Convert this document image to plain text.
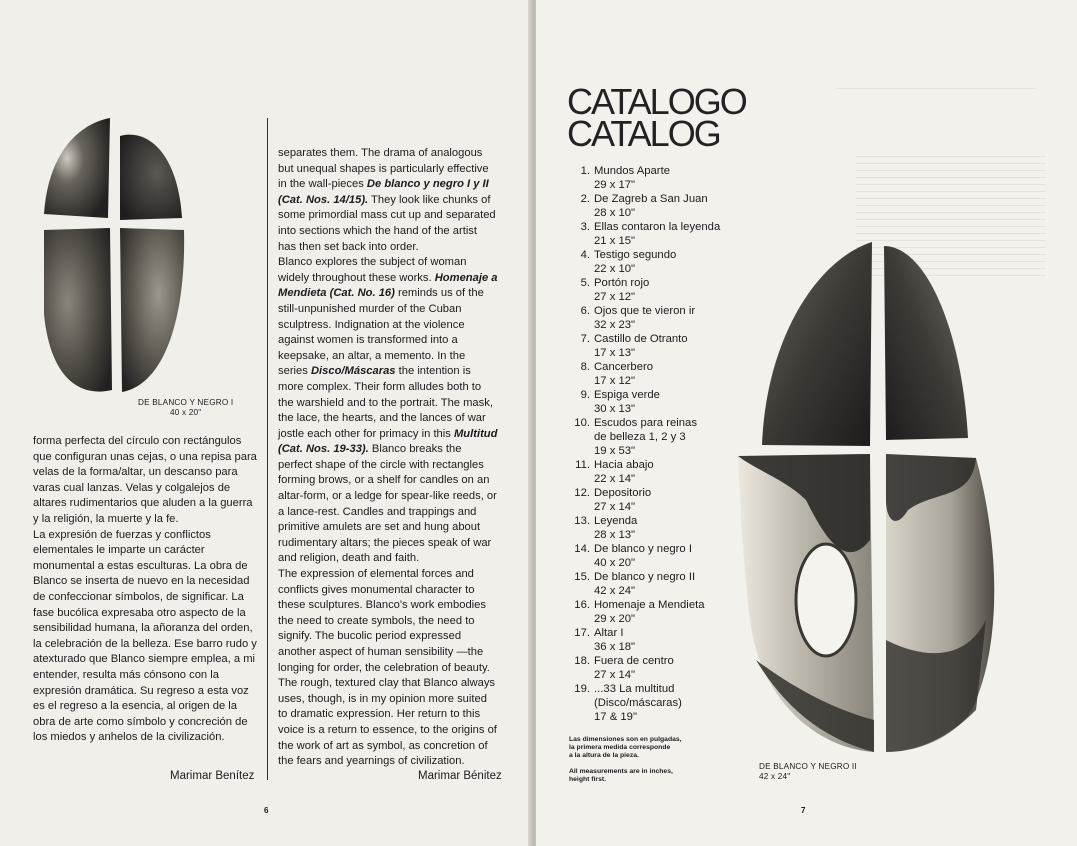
DE BLANCO Y NEGRO I
40 x 20"

forma perfecta del círculo con rectángulos que configuran unas cejas, o una repisa para velas de la forma/altar, un descanso para varas cual lanzas. Velas y colgalejos de altares rudimentarios que aluden a la guerra y la religión, la muerte y la fe.

La expresión de fuerzas y conflictos elementales le imparte un carácter monumental a estas esculturas. La obra de Blanco se inserta de nuevo en la necesidad de confeccionar símbolos, de significar. La fase bucólica expresaba otro aspecto de la sensibilidad humana, la añoranza del orden, la celebración de la belleza. Ese barro rudo y atexturado que Blanco siempre emplea, a mi entender, resulta más cónsono con la expresión dramática. Su regreso a esta voz es el regreso a la esencia, al origen de la obra de arte como símbolo y concreción de los miedos y anhelos de la civilización.

Marimar Benítez

separates them. The drama of analogous but unequal shapes is particularly effective in the wall-pieces De blanco y negro I y II (Cat. Nos. 14/15). They look like chunks of some primordial mass cut up and separated into sections which the hand of the artist has then set back into order.

Blanco explores the subject of woman widely throughout these works. Homenaje a Mendieta (Cat. No. 16) reminds us of the still-unpunished murder of the Cuban sculptress. Indignation at the violence against women is transformed into a keepsake, an altar, a memento. In the series Disco/Máscaras the intention is more complex. Their form alludes both to the warshield and to the portrait. The mask, the lace, the hearts, and the lances of war jostle each other for primacy in this Multitud (Cat. Nos. 19-33). Blanco breaks the perfect shape of the circle with rectangles forming brows, or a shelf for candles on an altar-form, or a ledge for spear-like reeds, or a lance-rest. Candles and trappings and primitive amulets are set and hung about rudimentary altars; the pieces speak of war and religion, death and faith.

The expression of elemental forces and conflicts gives monumental character to these sculptures. Blanco's work embodies the need to create symbols, the need to signify. The bucolic period expressed another aspect of human sensibility —the longing for order, the celebration of beauty. The rough, textured clay that Blanco always uses, though, is in my opinion more suited to dramatic expression. Her return to this voice is a return to essence, to the origins of the work of art as symbol, as concretion of the fears and yearnings of civilization.

Marimar Bénitez
6
CATALOGO
CATALOG
1. Mundos Aparte
29 x 17"
2. De Zagreb a San Juan
28 x 10"
3. Ellas contaron la leyenda
21 x 15"
4. Testigo segundo
22 x 10"
5. Portón rojo
27 x 12"
6. Ojos que te vieron ir
32 x 23"
7. Castillo de Otranto
17 x 13"
8. Cancerbero
17 x 12"
9. Espiga verde
30 x 13"
10. Escudos para reinas
de belleza 1, 2 y 3
19 x 53"
11. Hacia abajo
22 x 14"
12. Depositorio
27 x 14"
13. Leyenda
28 x 13"
14. De blanco y negro I
40 x 20"
15. De blanco y negro II
42 x 24"
16. Homenaje a Mendieta
29 x 20"
17. Altar I
36 x 18"
18. Fuera de centro
27 x 14"
19. ...33 La multitud
(Disco/máscaras)
17 & 19"
Las dimensiones son en pulgadas,
la primera medida corresponde
a la altura de la pieza.
All measurements are in inches,
height first.
DE BLANCO Y NEGRO II
42 x 24"
7
